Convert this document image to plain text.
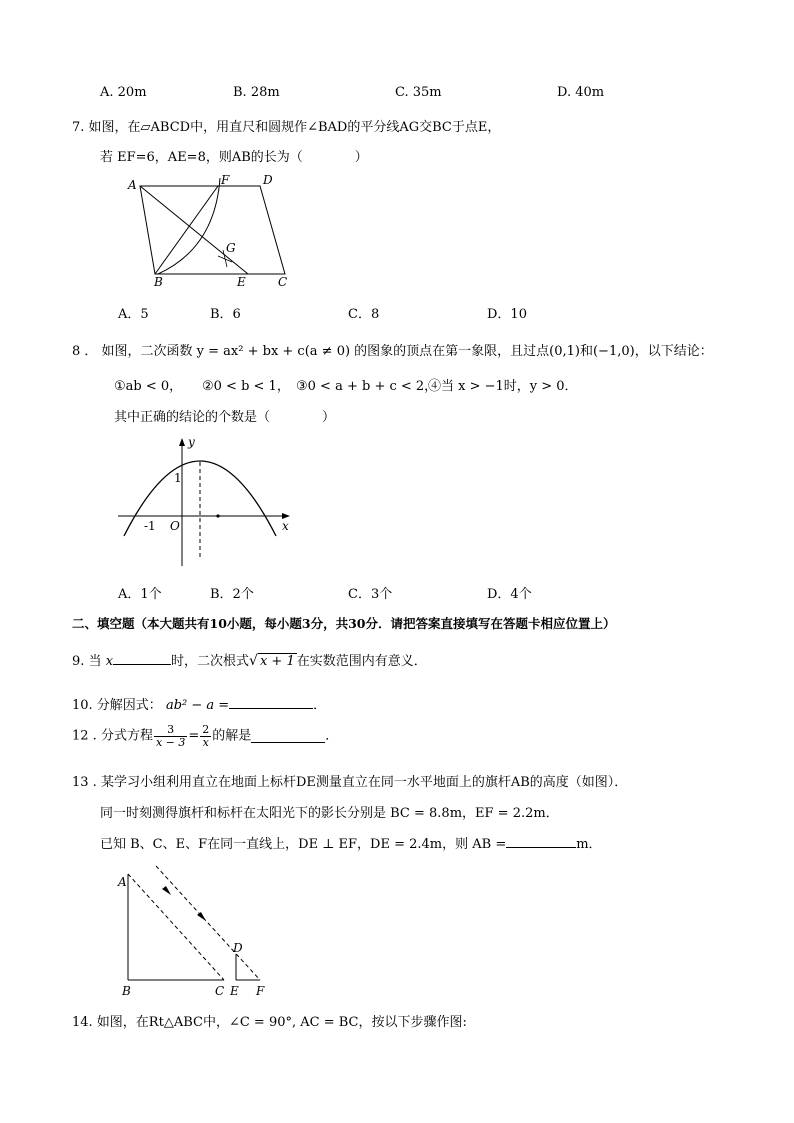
A. 20m	B. 28m	C. 35m	D. 40m
7. 如图，在▱ABCD中，用直尺和圆规作∠BAD的平分线AG交BC于点E，
若 EF=6，AE=8，则AB的长为（　　　　）
A	F	D
G
B	E	C
A．5	B．6	C．8	D．10
8 ． 如图，二次函数 y = ax² + bx + c(a ≠ 0) 的图象的顶点在第一象限，且过点(0,1)和(−1,0)，以下结论：
①ab < 0， ②0 < b < 1， ③0 < a + b + c < 2，
④当 x > −1时，y > 0．
其中正确的结论的个数是（　　　　）
y
x
1
-1 O
A．1个	B．2个	C．3个	D．4个
二、填空题（本大题共有10小题，每小题3分，共30分．请把答案直接填写在答题卡相应位置上）
9. 当 x	时，二次根式√ x + 1 在实数范围内有意义．
10. 分解因式： ab² − a =	．
12 . 分式方程 $\frac{3}{x - 3} = \frac{2}{x}$ 的解是	．
13 . 某学习小组利用直立在地面上标杆DE测量直立在同一水平地面上的旗杆AB的高度（如图）．
同一时刻测得旗杆和标杆在太阳光下的影长分别是 BC = 8.8m，EF = 2.2m．
已知 B、C、E、F在同一直线上，DE ⊥ EF，DE = 2.4m，则 AB =	m．
A
B	C
D
E F
14. 如图，在Rt△ABC中，∠C = 90°, AC = BC，按以下步骤作图:
